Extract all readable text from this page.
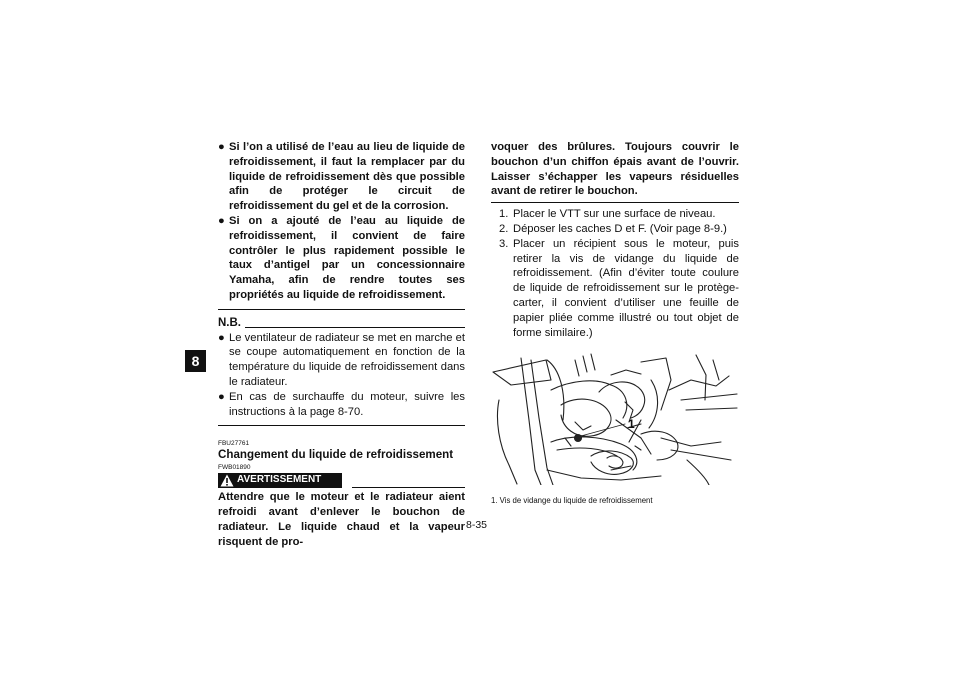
8
● Si l’on a utilisé de l’eau au lieu de liquide de refroidissement, il faut la remplacer par du liquide de refroidissement dès que possible afin de protéger le circuit de refroidissement du gel et de la corrosion.
● Si on a ajouté de l’eau au liquide de refroidissement, il convient de faire contrôler le plus rapidement possible le taux d’antigel par un concessionnaire Yamaha, afin de rendre toutes ses propriétés au liquide de refroidissement.
N.B.
● Le ventilateur de radiateur se met en marche et se coupe automatiquement en fonction de la température du liquide de refroidissement dans le radiateur.
● En cas de surchauffe du moteur, suivre les instructions à la page 8-70.
FBU27761
Changement du liquide de refroidissement
FWB01890
AVERTISSEMENT
Attendre que le moteur et le radiateur aient refroidi avant d’enlever le bouchon de radiateur. Le liquide chaud et la vapeur risquent de pro-
voquer des brûlures. Toujours couvrir le bouchon d’un chiffon épais avant de l’ouvrir. Laisser s’échapper les vapeurs résiduelles avant de retirer le bouchon.
1. Placer le VTT sur une surface de niveau.
2. Déposer les caches D et F. (Voir page 8-9.)
3. Placer un récipient sous le moteur, puis retirer la vis de vidange du liquide de refroidissement. (Afin d’éviter toute coulure de liquide de refroidissement sur le protège-carter, il convient d’utiliser une feuille de papier pliée comme illustré ou tout objet de forme similaire.)
1
1. Vis de vidange du liquide de refroidissement
8-35
